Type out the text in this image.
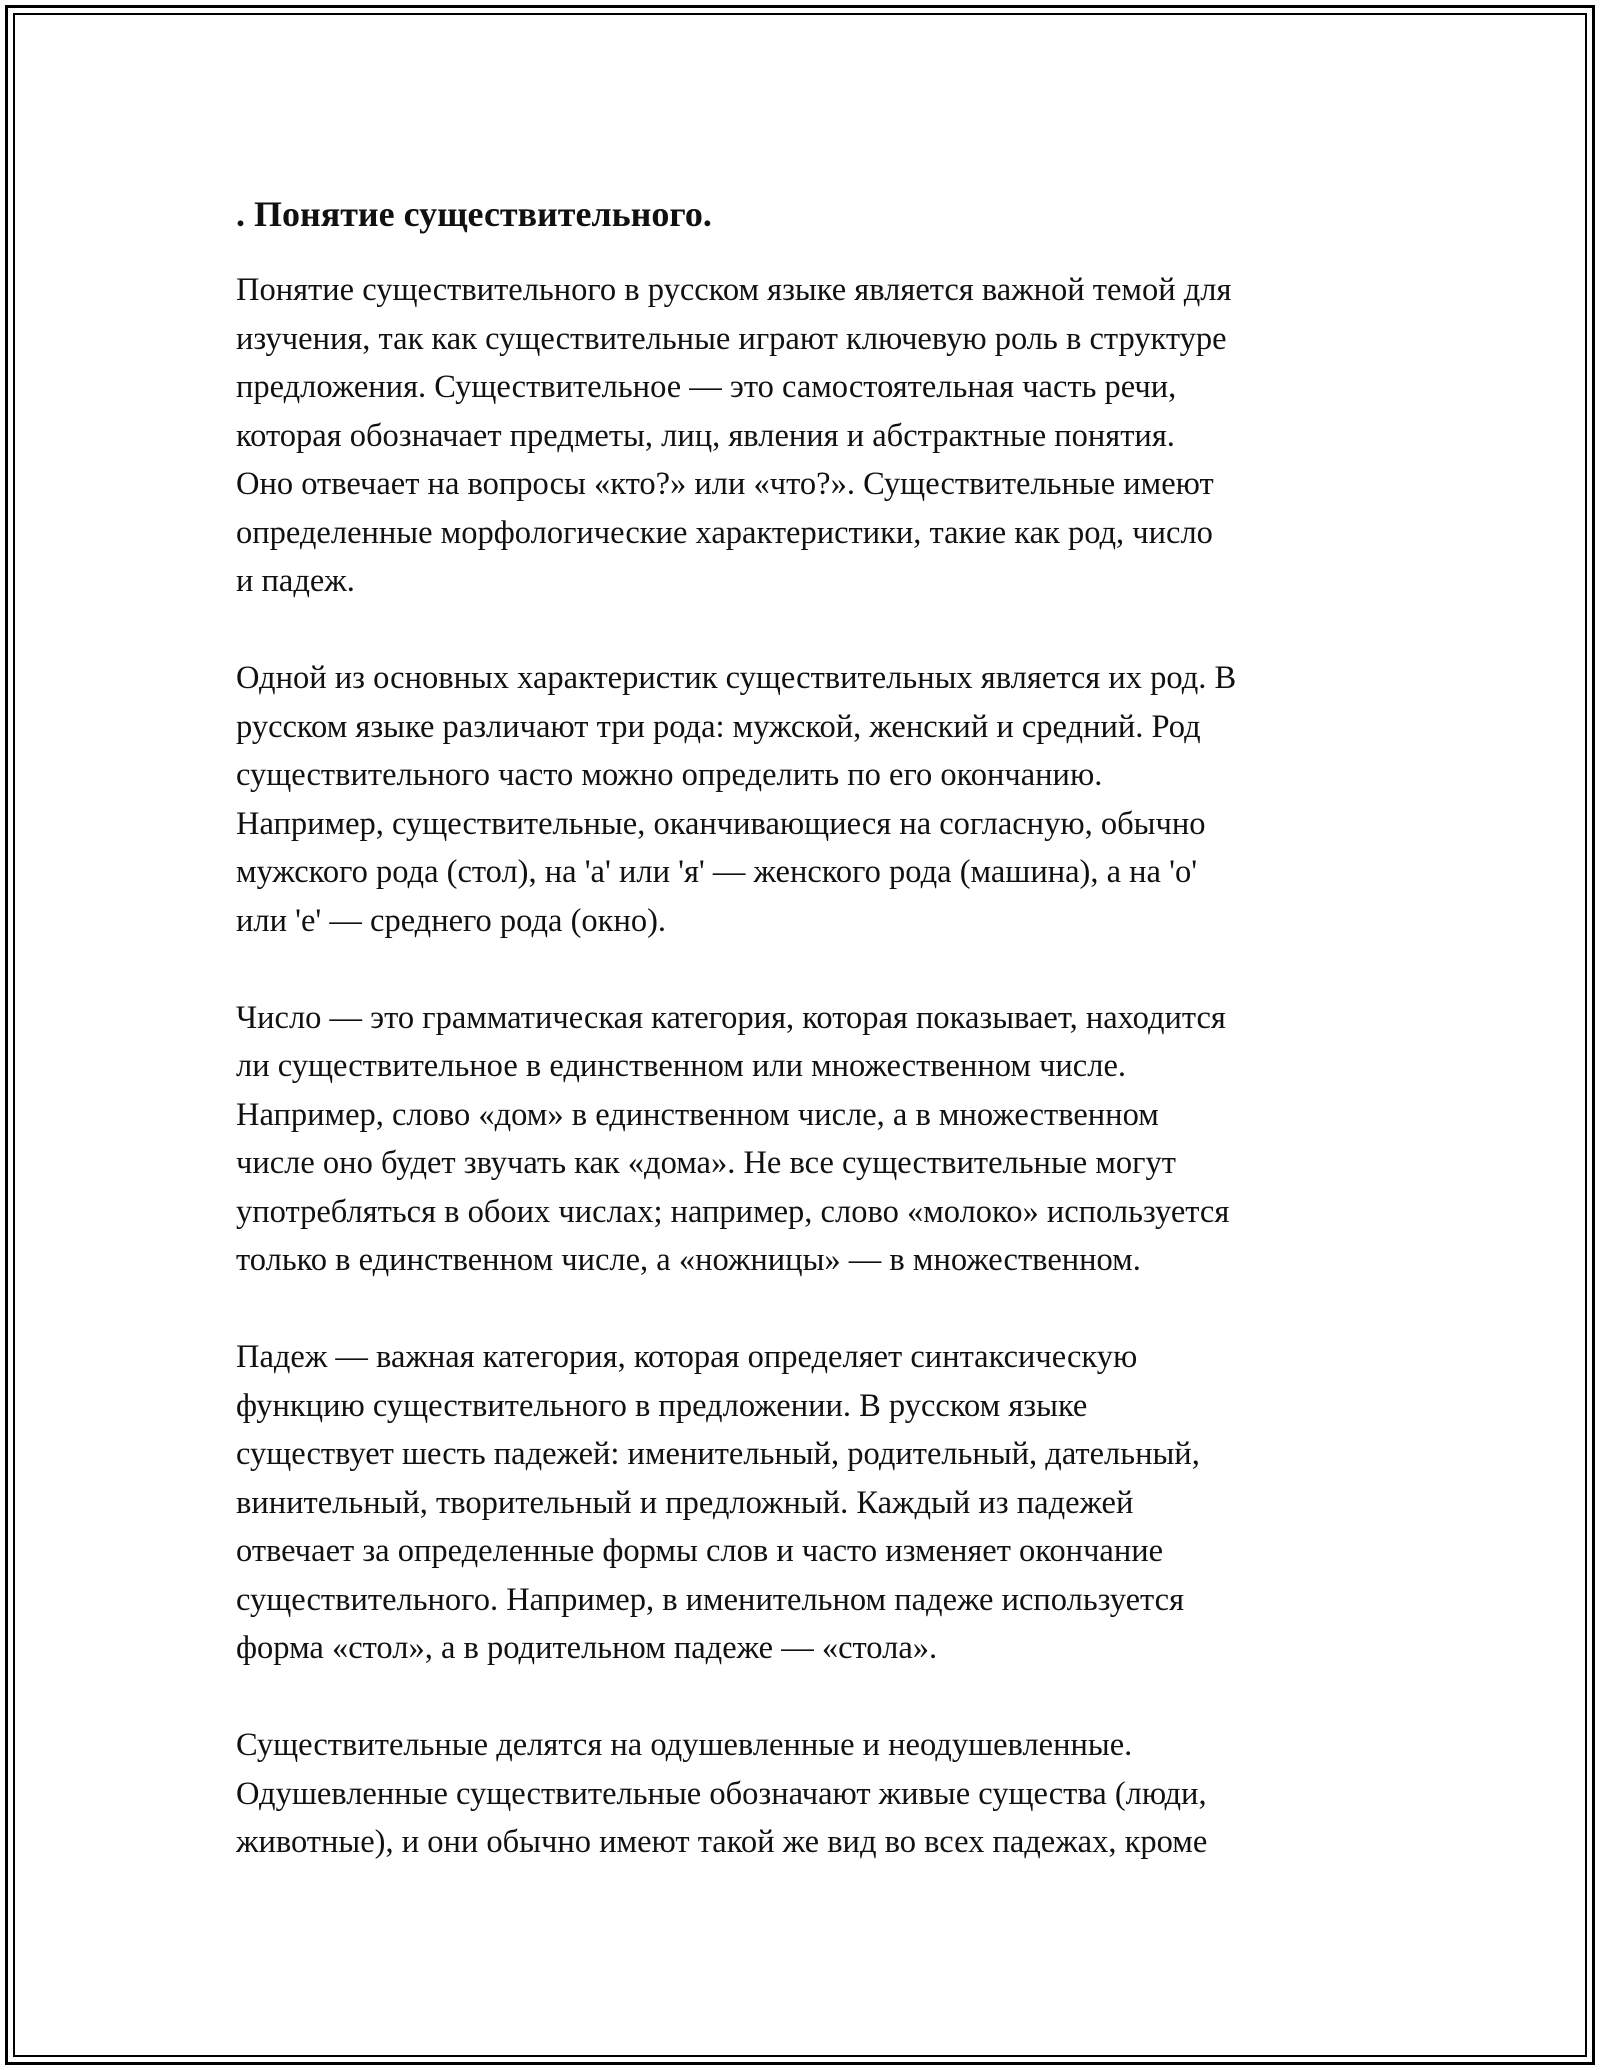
. Понятие существительного.

Понятие существительного в русском языке является важной темой для
изучения, так как существительные играют ключевую роль в структуре
предложения. Существительное — это самостоятельная часть речи,
которая обозначает предметы, лиц, явления и абстрактные понятия.
Оно отвечает на вопросы «кто?» или «что?». Существительные имеют
определенные морфологические характеристики, такие как род, число
и падеж.

Одной из основных характеристик существительных является их род. В
русском языке различают три рода: мужской, женский и средний. Род
существительного часто можно определить по его окончанию.
Например, существительные, оканчивающиеся на согласную, обычно
мужского рода (стол), на 'а' или 'я' — женского рода (машина), а на 'о'
или 'е' — среднего рода (окно).

Число — это грамматическая категория, которая показывает, находится
ли существительное в единственном или множественном числе.
Например, слово «дом» в единственном числе, а в множественном
числе оно будет звучать как «дома». Не все существительные могут
употребляться в обоих числах; например, слово «молоко» используется
только в единственном числе, а «ножницы» — в множественном.

Падеж — важная категория, которая определяет синтаксическую
функцию существительного в предложении. В русском языке
существует шесть падежей: именительный, родительный, дательный,
винительный, творительный и предложный. Каждый из падежей
отвечает за определенные формы слов и часто изменяет окончание
существительного. Например, в именительном падеже используется
форма «стол», а в родительном падеже — «стола».

Существительные делятся на одушевленные и неодушевленные.
Одушевленные существительные обозначают живые существа (люди,
животные), и они обычно имеют такой же вид во всех падежах, кроме
